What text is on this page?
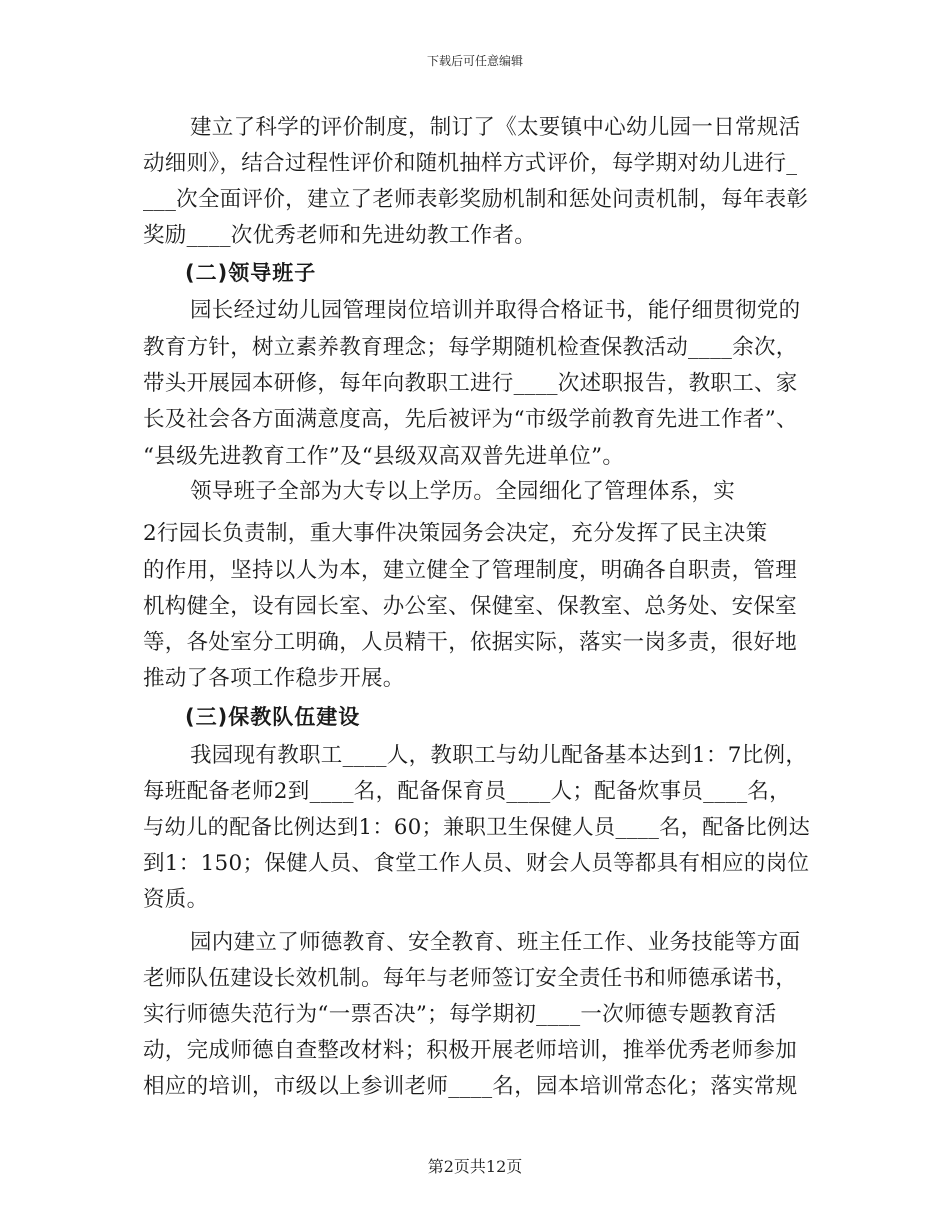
下载后可任意编辑
建立了科学的评价制度，制订了《太要镇中心幼儿园一日常规活
动细则》，结合过程性评价和随机抽样方式评价，每学期对幼儿进行_
___次全面评价，建立了老师表彰奖励机制和惩处问责机制，每年表彰
奖励____次优秀老师和先进幼教工作者。
(二)领导班子
园长经过幼儿园管理岗位培训并取得合格证书，能仔细贯彻党的
教育方针，树立素养教育理念；每学期随机检查保教活动____余次，
带头开展园本研修，每年向教职工进行____次述职报告，教职工、家
长及社会各方面满意度高，先后被评为“市级学前教育先进工作者”、
“县级先进教育工作”及“县级双高双普先进单位”。
领导班子全部为大专以上学历。全园细化了管理体系，实
2行园长负责制，重大事件决策园务会决定，充分发挥了民主决策
的作用，坚持以人为本，建立健全了管理制度，明确各自职责，管理
机构健全，设有园长室、办公室、保健室、保教室、总务处、安保室
等，各处室分工明确，人员精干，依据实际，落实一岗多责，很好地
推动了各项工作稳步开展。
(三)保教队伍建设
我园现有教职工____人，教职工与幼儿配备基本达到1：7比例，
每班配备老师2到____名，配备保育员____人；配备炊事员____名，
与幼儿的配备比例达到1：60；兼职卫生保健人员____名，配备比例达
到1：150；保健人员、食堂工作人员、财会人员等都具有相应的岗位
资质。
园内建立了师德教育、安全教育、班主任工作、业务技能等方面
老师队伍建设长效机制。每年与老师签订安全责任书和师德承诺书，
实行师德失范行为“一票否决”；每学期初____一次师德专题教育活
动，完成师德自查整改材料；积极开展老师培训，推举优秀老师参加
相应的培训，市级以上参训老师____名，园本培训常态化；落实常规
第2页共12页
